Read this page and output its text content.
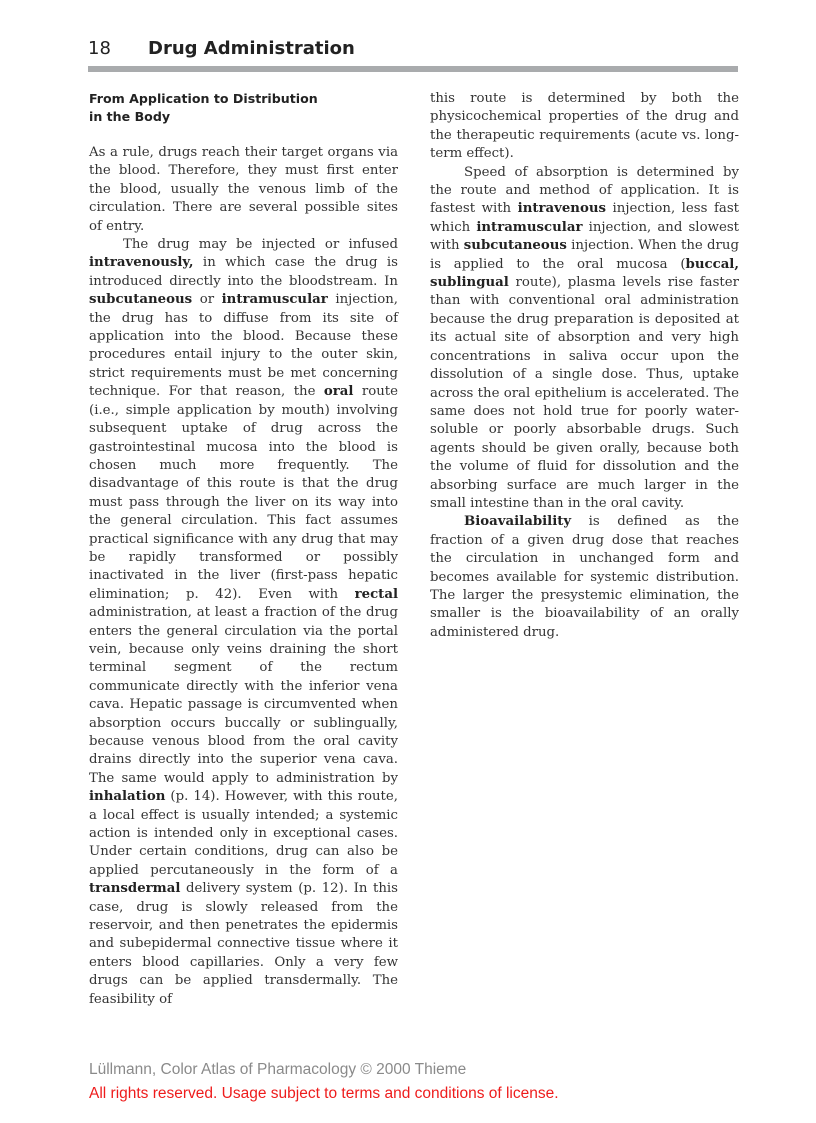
18 Drug Administration
From Application to Distribution
in the Body

As a rule, drugs reach their target organs via the blood. Therefore, they must first enter the blood, usually the venous limb of the circulation. There are several possible sites of entry.

The drug may be injected or infused intravenously, in which case the drug is introduced directly into the bloodstream. In subcutaneous or intramuscular injection, the drug has to diffuse from its site of application into the blood. Because these procedures entail injury to the outer skin, strict requirements must be met concerning technique. For that reason, the oral route (i.e., simple application by mouth) involving subsequent uptake of drug across the gastrointestinal mucosa into the blood is chosen much more frequently. The disadvantage of this route is that the drug must pass through the liver on its way into the general circulation. This fact assumes practical significance with any drug that may be rapidly transformed or possibly inactivated in the liver (first-pass hepatic elimination; p. 42). Even with rectal administration, at least a fraction of the drug enters the general circulation via the portal vein, because only veins draining the short terminal segment of the rectum communicate directly with the inferior vena cava. Hepatic passage is circumvented when absorption occurs buccally or sublingually, because venous blood from the oral cavity drains directly into the superior vena cava. The same would apply to administration by inhalation (p. 14). However, with this route, a local effect is usually intended; a systemic action is intended only in exceptional cases. Under certain conditions, drug can also be applied percutaneously in the form of a transdermal delivery system (p. 12). In this case, drug is slowly released from the reservoir, and then penetrates the epidermis and subepidermal connective tissue where it enters blood capillaries. Only a very few drugs can be applied transdermally. The feasibility of

this route is determined by both the physicochemical properties of the drug and the therapeutic requirements (acute vs. long-term effect).

Speed of absorption is determined by the route and method of application. It is fastest with intravenous injection, less fast which intramuscular injection, and slowest with subcutaneous injection. When the drug is applied to the oral mucosa (buccal, sublingual route), plasma levels rise faster than with conventional oral administration because the drug preparation is deposited at its actual site of absorption and very high concentrations in saliva occur upon the dissolution of a single dose. Thus, uptake across the oral epithelium is accelerated. The same does not hold true for poorly water-soluble or poorly absorbable drugs. Such agents should be given orally, because both the volume of fluid for dissolution and the absorbing surface are much larger in the small intestine than in the oral cavity.

Bioavailability is defined as the fraction of a given drug dose that reaches the circulation in unchanged form and becomes available for systemic distribution. The larger the presystemic elimination, the smaller is the bioavailability of an orally administered drug.

Lüllmann, Color Atlas of Pharmacology © 2000 Thieme
All rights reserved. Usage subject to terms and conditions of license.
